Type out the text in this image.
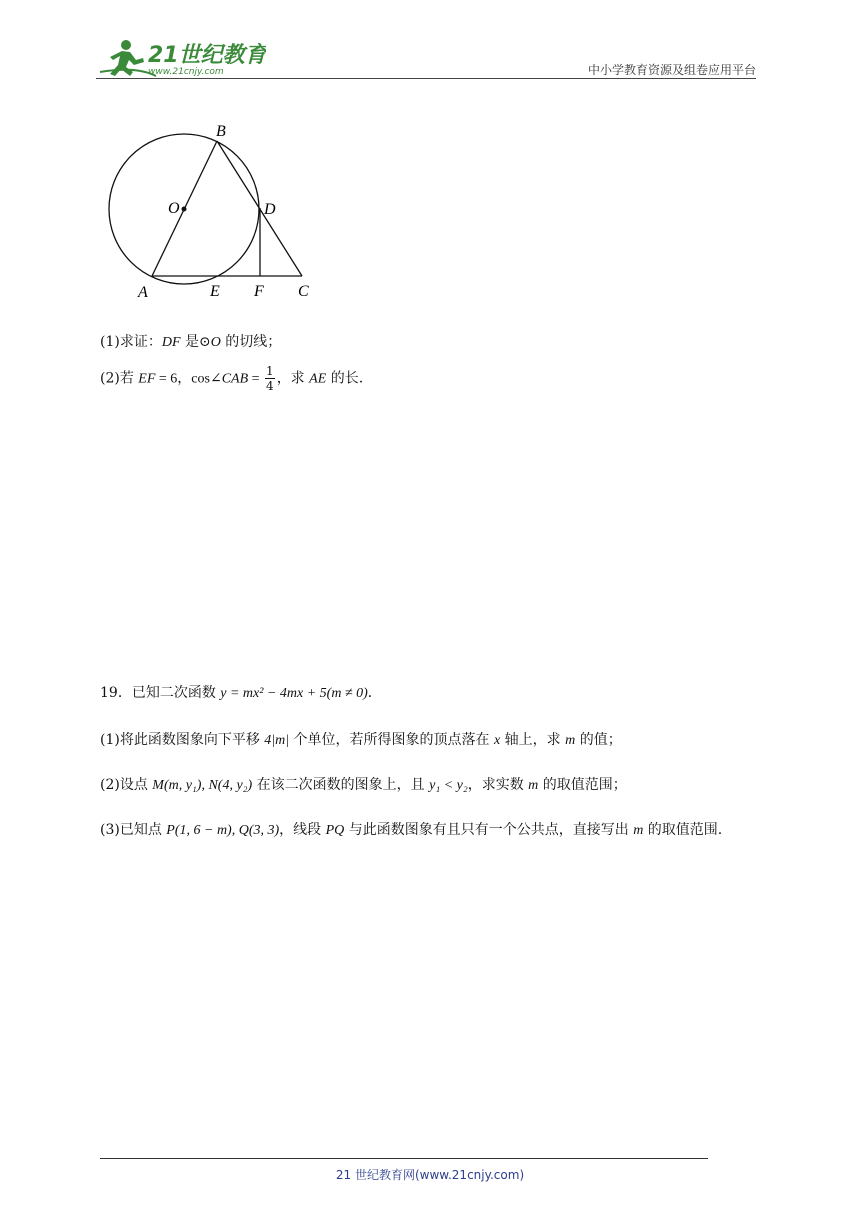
21世纪教育
www.21cnjy.com	中小学教育资源及组卷应用平台
B
O	D
A	E F C
(1)求证：DF 是⊙O 的切线；
(2)若 EF = 6，cos∠CAB = $\frac{1}{4}$ ，求 AE 的长.
19．已知二次函数 y = mx² − 4mx + 5(m ≠ 0)．
(1)将此函数图象向下平移 4|m| 个单位，若所得图象的顶点落在 x 轴上，求 m 的值；
(2)设点 M(m, y₁), N(4, y₂) 在该二次函数的图象上，且 y₁ < y₂，求实数 m 的取值范围；
(3)已知点 P(1, 6 − m), Q(3, 3)，线段 PQ 与此函数图象有且只有一个公共点，直接写出 m 的取值范围.
21 世纪教育网(www.21cnjy.com)
